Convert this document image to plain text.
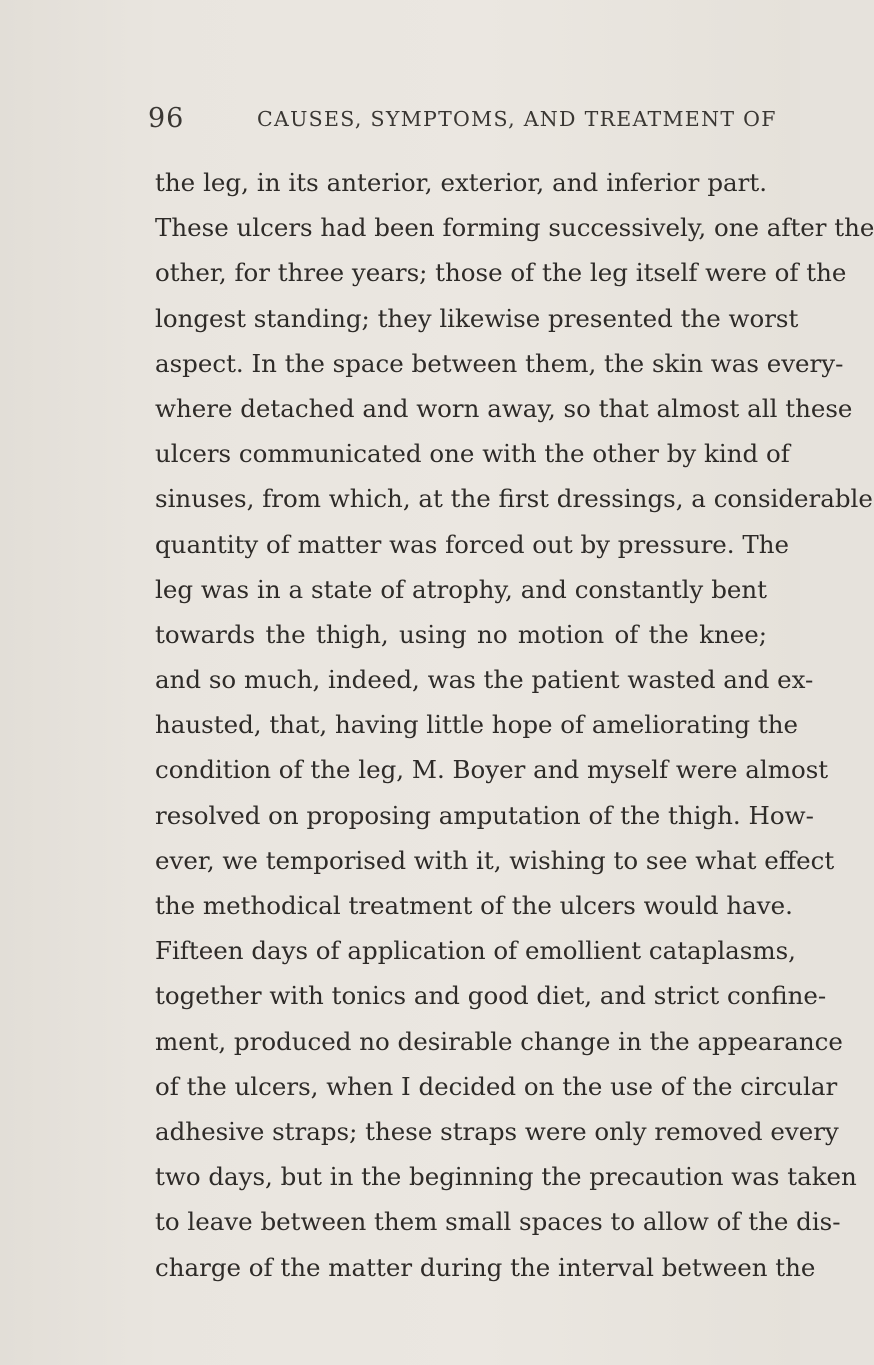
96	CAUSES, SYMPTOMS, AND TREATMENT OF
the leg, in its anterior, exterior, and inferior part.
These ulcers had been forming successively, one after the
other, for three years; those of the leg itself were of the
longest standing; they likewise presented the worst
aspect. In the space between them, the skin was every-
where detached and worn away, so that almost all these
ulcers communicated one with the other by kind of
sinuses, from which, at the first dressings, a considerable
quantity of matter was forced out by pressure. The
leg was in a state of atrophy, and constantly bent
towards the thigh, using no motion of the knee;
and so much, indeed, was the patient wasted and ex-
hausted, that, having little hope of ameliorating the
condition of the leg, M. Boyer and myself were almost
resolved on proposing amputation of the thigh. How-
ever, we temporised with it, wishing to see what effect
the methodical treatment of the ulcers would have.
Fifteen days of application of emollient cataplasms,
together with tonics and good diet, and strict confine-
ment, produced no desirable change in the appearance
of the ulcers, when I decided on the use of the circular
adhesive straps; these straps were only removed every
two days, but in the beginning the precaution was taken
to leave between them small spaces to allow of the dis-
charge of the matter during the interval between the
